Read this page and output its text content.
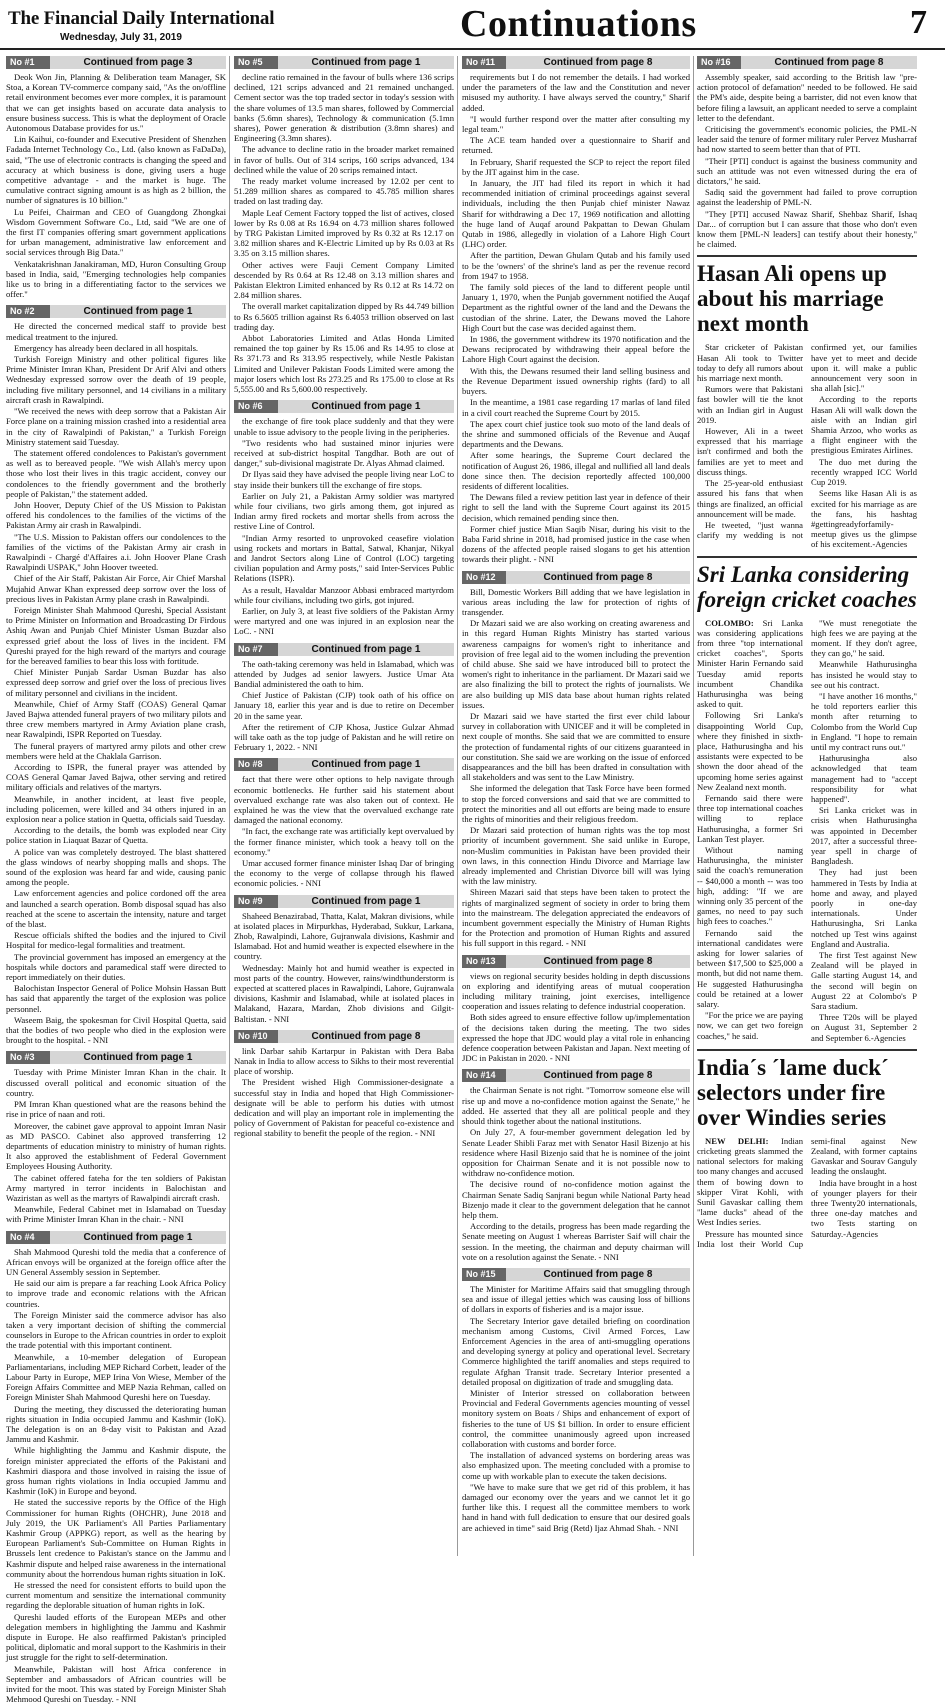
The Financial Daily International
Wednesday, July 31, 2019	Continuations	7
No #1	Continued from page 3

Deok Won Jin, Planning & Deliberation team Manager, SK Stoa, a Korean TV-commerce company said, "As the on/offline retail environment becomes ever more complex, it is paramount that we can get insights based on accurate data analysis to ensure business success. This is what the deployment of Oracle Autonomous Database provides for us."

Lin Kaihui, co-founder and Executive President of Shenzhen Fadada Internet Technology Co., Ltd. (also known as FaDaDa), said, "The use of electronic contracts is changing the speed and accuracy at which business is done, giving users a huge competitive advantage - and the market is huge. The cumulative contract signing amount is as high as 2 billion, the number of signatures is 10 billion."

Lu Peifei, Chairman and CEO of Guangdong Zhongkai Wisdom Government Software Co., Ltd, said "We are one of the first IT companies offering smart government applications for urban management, administrative law enforcement and social services through Big Data."

Venkatakrishnan Janakiraman, MD, Huron Consulting Group based in India, said, "Emerging technologies help companies like us to bring in a differentiating factor to the services we offer."

No #2	Continued from page 1

He directed the concerned medical staff to provide best medical treatment to the injured.

Emergency has already been declared in all hospitals.

Turkish Foreign Ministry and other political figures like Prime Minister Imran Khan, President Dr Arif Alvi and others Wednesday expressed sorrow over the death of 19 people, including five military personnel, and 14 civilians in a military aircraft crash in Rawalpindi.

"We received the news with deep sorrow that a Pakistan Air Force plane on a training mission crashed into a residential area in the city of Rawalpindi of Pakistan," a Turkish Foreign Ministry statement said Tuesday.

The statement offered condolences to Pakistan's government as well as to bereaved people. "We wish Allah's mercy upon those who lost their lives in this tragic accident, convey our condolences to the friendly government and the brotherly people of Pakistan," the statement added.

John Hoover, Deputy Chief of the US Mission to Pakistan offered his condolences to the families of the victims of the Pakistan Army air crash in Rawalpindi.

"The U.S. Mission to Pakistan offers our condolences to the families of the victims of the Pakistan Army air crash in Rawalpindi - Chargé d'Affaires a.i. John Hoover Plane Crash Rawalpindi USPAK," John Hoover tweeted.

Chief of the Air Staff, Pakistan Air Force, Air Chief Marshal Mujahid Anwar Khan expressed deep sorrow over the loss of precious lives in Pakistan Army plane crash in Rawalpindi.

Foreign Minister Shah Mahmood Qureshi, Special Assistant to Prime Minister on Information and Broadcasting Dr Firdous Ashiq Awan and Punjab Chief Minister Usman Buzdar also expressed grief about the loss of lives in the incident. FM Qureshi prayed for the high reward of the martyrs and courage for the bereaved families to bear this loss with fortitude.

Chief Minister Punjab Sardar Usman Buzdar has also expressed deep sorrow and grief over the loss of precious lives of military personnel and civilians in the incident.

Meanwhile, Chief of Army Staff (COAS) General Qamar Javed Bajwa attended funeral prayers of two military pilots and three crew members martyred in Army Aviation plane crash, near Rawalpindi, ISPR Reported on Tuesday.

The funeral prayers of martyred army pilots and other crew members were held at the Chaklala Garrison.

According to ISPR, the funeral prayer was attended by COAS General Qamar Javed Bajwa, other serving and retired military officials and relatives of the martyrs.

Meanwhile, in another incident, at least five people, including policemen, were killed and 34 others injured in an explosion near a police station in Quetta, officials said Tuesday.

According to the details, the bomb was exploded near City police station in Liaquat Bazar of Quetta.

A police van was completely destroyed. The blast shattered the glass windows of nearby shopping malls and shops. The sound of the explosion was heard far and wide, causing panic among the people.

Law enforcement agencies and police cordoned off the area and launched a search operation. Bomb disposal squad has also reached at the scene to ascertain the intensity, nature and target of the blast.

Rescue officials shifted the bodies and the injured to Civil Hospital for medico-legal formalities and treatment.

The provincial government has imposed an emergency at the hospitals while doctors and paramedical staff were directed to report immediately on their duties.

Balochistan Inspector General of Police Mohsin Hassan Butt has said that apparently the target of the explosion was police personnel.

Waseem Baig, the spokesman for Civil Hospital Quetta, said that the bodies of two people who died in the explosion were brought to the hospital. - NNI

No #3	Continued from page 1

Tuesday with Prime Minister Imran Khan in the chair. It discussed overall political and economic situation of the country.

PM Imran Khan questioned what are the reasons behind the rise in price of naan and roti.

Moreover, the cabinet gave approval to appoint Imran Nasir as MD PASCO. Cabinet also approved transferring 12 departments of education ministry to ministry of human rights. It also approved the establishment of Federal Government Employees Housing Authority.

The cabinet offered fateha for the ten soldiers of Pakistan Army martyred in terror incidents in Balochistan and Waziristan as well as the martyrs of Rawalpindi aircraft crash.

Meanwhile, Federal Cabinet met in Islamabad on Tuesday with Prime Minister Imran Khan in the chair. - NNI

No #4	Continued from page 1

Shah Mahmood Qureshi told the media that a conference of African envoys will be organized at the foreign office after the UN General Assembly session in September.

He said our aim is prepare a far reaching Look Africa Policy to improve trade and economic relations with the African countries.

The Foreign Minister said the commerce advisor has also taken a very important decision of shifting the commercial counselors in Europe to the African countries in order to exploit the trade potential with this important continent.

Meanwhile, a 10-member delegation of European Parliamentarians, including MEP Richard Corbett, leader of the Labour Party in Europe, MEP Irina Von Wiese, Member of the Foreign Affairs Committee and MEP Nazia Rehman, called on Foreign Minister Shah Mahmood Qureshi here on Tuesday.

During the meeting, they discussed the deteriorating human rights situation in India occupied Jammu and Kashmir (IoK). The delegation is on an 8-day visit to Pakistan and Azad Jammu and Kashmir.

While highlighting the Jammu and Kashmir dispute, the foreign minister appreciated the efforts of the Pakistani and Kashmiri diaspora and those involved in raising the issue of gross human rights violations in India occupied Jammu and Kashmir (IoK) in Europe and beyond.

He stated the successive reports by the Office of the High Commissioner for human Rights (OHCHR), June 2018 and July 2019, the UK Parliament's All Parties Parliamentary Kashmir Group (APPKG) report, as well as the hearing by European Parliament's Sub-Committee on Human Rights in Brussels lent credence to Pakistan's stance on the Jammu and Kashmir dispute and helped raise awareness in the international community about the horrendous human rights situation in IoK.

He stressed the need for consistent efforts to build upon the current momentum and sensitize the international community regarding the deplorable situation of human rights in IoK.

Qureshi lauded efforts of the European MEPs and other delegation members in highlighting the Jammu and Kashmir dispute in Europe. He also reaffirmed Pakistan's principled political, diplomatic and moral support to the Kashmiris in their just struggle for the right to self-determination.

Meanwhile, Pakistan will host Africa conference in September and ambassadors of African countries will be invited for the moot. This was stated by Foreign Minister Shah Mehmood Qureshi on Tuesday. - NNI

No #5	Continued from page 1

decline ratio remained in the favour of bulls where 136 scrips declined, 121 scrips advanced and 21 remained unchanged. Cement sector was the top traded sector in today's session with the share volumes of 13.5 man shares, followed by Commercial banks (5.6mn shares), Technology & communication (5.1mn shares), Power generation & distribution (3.8mn shares) and Engineering (3.3mn shares).

The advance to decline ratio in the broader market remained in favor of bulls. Out of 314 scrips, 160 scrips advanced, 134 declined while the value of 20 scrips remained intact.

The ready market volume increased by 12.02 per cent to 51.289 million shares as compared to 45.785 million shares traded on last trading day.

Maple Leaf Cement Factory topped the list of actives, closed lower by Rs 0.08 at Rs 16.94 on 4.73 million shares followed by TRG Pakistan Limited improved by Rs 0.32 at Rs 12.17 on 3.82 million shares and K-Electric Limited up by Rs 0.03 at Rs 3.35 on 3.15 million shares.

Other actives were Fauji Cement Company Limited descended by Rs 0.64 at Rs 12.48 on 3.13 million shares and Pakistan Elektron Limited enhanced by Rs 0.12 at Rs 14.72 on 2.84 million shares.

The overall market capitalization dipped by Rs 44.749 billion to Rs 6.5605 trillion against Rs 6.4053 trillion observed on last trading day.

Abbot Laboratories Limited and Atlas Honda Limited remained the top gainer by Rs 15.06 and Rs 14.95 to close at Rs 371.73 and Rs 313.95 respectively, while Nestle Pakistan Limited and Unilever Pakistan Foods Limited were among the major losers which lost Rs 273.25 and Rs 175.00 to close at Rs 5,555.00 and Rs 5,600.00 respectively.

No #6	Continued from page 1

the exchange of fire took place suddenly and that they were unable to issue advisory to the people living in the peripheries.

"Two residents who had sustained minor injuries were received at sub-district hospital Tangdhar. Both are out of danger," sub-divisional magistrate Dr. Alyas Ahmad claimed.

Dr Ilyas said they have advised the people living near LoC to stay inside their bunkers till the exchange of fire stops.

Earlier on July 21, a Pakistan Army soldier was martyred while four civilians, two girls among them, got injured as Indian army fired rockets and mortar shells from across the restive Line of Control.

"Indian Army resorted to unprovoked ceasefire violation using rockets and mortars in Battal, Satwal, Khanjar, Nikyal and Jandrot Sectors along Line of Control (LOC) targeting civilian population and Army posts," said Inter-Services Public Relations (ISPR).

As a result, Havaldar Manzoor Abbasi embraced martyrdom while four civilians, including two girls, got injured.

Earlier, on July 3, at least five soldiers of the Pakistan Army were martyred and one was injured in an explosion near the LoC. - NNI

No #7	Continued from page 1

The oath-taking ceremony was held in Islamabad, which was attended by Judges ad senior lawyers. Justice Umar Ata Bandial administered the oath to him.

Chief Justice of Pakistan (CJP) took oath of his office on January 18, earlier this year and is due to retire on December 20 in the same year.

After the retirement of CJP Khosa, Justice Gulzar Ahmad will take oath as the top judge of Pakistan and he will retire on February 1, 2022. - NNI

No #8	Continued from page 1

fact that there were other options to help navigate through economic bottlenecks. He further said his statement about overvalued exchange rate was also taken out of context. He explained he was the view that the overvalued exchange rate damaged the national economy.

"In fact, the exchange rate was artificially kept overvalued by the former finance minister, which took a heavy toll on the economy."

Umar accused former finance minister Ishaq Dar of bringing the economy to the verge of collapse through his flawed economic policies. - NNI

No #9	Continued from page 1

Shaheed Benazirabad, Thatta, Kalat, Makran divisions, while at isolated places in Mirpurkhas, Hyderabad, Sukkur, Larkana, Zhob, Rawalpindi, Lahore, Gujranwala divisions, Kashmir and Islamabad. Hot and humid weather is expected elsewhere in the country.

Wednesday: Mainly hot and humid weather is expected in most parts of the country. However, rains/windthunderstorm is expected at scattered places in Rawalpindi, Lahore, Gujranwala divisions, Kashmir and Islamabad, while at isolated places in Malakand, Hazara, Mardan, Zhob divisions and Gilgit-Baltistan. - NNI

No #10	Continued from page 8

link Darbar sahib Kartarpur in Pakistan with Dera Baba Nanak in India to allow access to Sikhs to their most reverential place of worship.

The President wished High Commissioner-designate a successful stay in India and hoped that High Commissioner-designate will be able to perform his duties with utmost dedication and will play an important role in implementing the policy of Government of Pakistan for peaceful co-existence and regional stability to benefit the people of the region. - NNI

No #11	Continued from page 8

requirements but I do not remember the details. I had worked under the parameters of the law and the Constitution and never misused my authority. I have always served the country," Sharif added.

"I would further respond over the matter after consulting my legal team."

The ACE team handed over a questionnaire to Sharif and returned.

In February, Sharif requested the SCP to reject the report filed by the JIT against him in the case.

In January, the JIT had filed its report in which it had recommended initiation of criminal proceedings against several individuals, including the then Punjab chief minister Nawaz Sharif for withdrawing a Dec 17, 1969 notification and allotting the huge land of Auqaf around Pakpattan to Dewan Ghulam Qutab in 1986, allegedly in violation of a Lahore High Court (LHC) order.

After the partition, Dewan Ghulam Qutab and his family used to be the 'owners' of the shrine's land as per the revenue record from 1947 to 1958.

The family sold pieces of the land to different people until January 1, 1970, when the Punjab government notified the Auqaf Department as the rightful owner of the land and the Dewans the custodian of the shrine. Later, the Dewans moved the Lahore High Court but the case was decided against them.

In 1986, the government withdrew its 1970 notification and the Dewans reciprocated by withdrawing their appeal before the Lahore High Court against the decision.

With this, the Dewans resumed their land selling business and the Revenue Department issued ownership rights (fard) to all buyers.

In the meantime, a 1981 case regarding 17 marlas of land filed in a civil court reached the Supreme Court by 2015.

The apex court chief justice took suo moto of the land deals of the shrine and summoned officials of the Revenue and Auqaf departments and the Dewans.

After some hearings, the Supreme Court declared the notification of August 26, 1986, illegal and nullified all land deals done since then. The decision reportedly affected 100,000 residents of different localities.

The Dewans filed a review petition last year in defence of their right to sell the land with the Supreme Court against its 2015 decision, which remained pending since then.

Former chief justice Mian Saqib Nisar, during his visit to the Baba Farid shrine in 2018, had promised justice in the case when dozens of the affected people raised slogans to get his attention towards their plight. - NNI

No #12	Continued from page 8

Bill, Domestic Workers Bill adding that we have legislation in various areas including the law for protection of rights of transgender.

Dr Mazari said we are also working on creating awareness and in this regard Human Rights Ministry has started various awareness campaigns for women's right to inheritance and provision of free legal aid to the women including the prevention of child abuse. She said we have introduced bill to protect the women's right to inheritance in the parliament. Dr Mazari said we are also finalizing the bill to protect the rights of journalists. We are also building up MIS data base about human rights related issues.

Dr Mazari said we have started the first ever child labour survey in collaboration with UNICEF and it will be completed in next couple of months. She said that we are committed to ensure the protection of fundamental rights of our citizens guaranteed in our constitution. She said we are working on the issue of enforced disappearances and the bill has been drafted in consultation with all stakeholders and was sent to the Law Ministry.

She informed the delegation that Task Force have been formed to stop the forced conversions and said that we are committed to protect the minorities and all out efforts are being made to ensure the rights of minorities and their religious freedom.

Dr Mazari said protection of human rights was the top most priority of incumbent government. She said unlike in Europe, non-Muslim communities in Pakistan have been provided their own laws, in this connection Hindu Divorce and Marriage law already implemented and Christian Divorce bill will was lying with the law ministry.

Shireen Mazari said that steps have been taken to protect the rights of marginalized segment of society in order to bring them into the mainstream. The delegation appreciated the endeavors of incumbent government especially the Ministry of Human Rights for the Protection and promotion of Human Rights and assured his full support in this regard. - NNI

No #13	Continued from page 8

views on regional security besides holding in depth discussions on exploring and identifying areas of mutual cooperation including military training, joint exercises, intelligence cooperation and issues relating to defence industrial cooperation.

Both sides agreed to ensure effective follow up/implementation of the decisions taken during the meeting. The two sides expressed the hope that JDC would play a vital role in enhancing defence cooperation between Pakistan and Japan. Next meeting of JDC in Pakistan in 2020. - NNI

No #14	Continued from page 8

the Chairman Senate is not right. "Tomorrow someone else will rise up and move a no-confidence motion against the Senate," he added. He asserted that they all are political people and they should think together about the national institutions.

On July 27, A four-member government delegation led by Senate Leader Shibli Faraz met with Senator Hasil Bizenjo at his residence where Hasil Bizenjo said that he is nominee of the joint opposition for Chairman Senate and it is not possible now to withdraw no-confidence motion.

The decisive round of no-confidence motion against the Chairman Senate Sadiq Sanjrani begun while National Party head Bizenjo made it clear to the government delegation that he cannot help them.

According to the details, progress has been made regarding the Senate meeting on August 1 whereas Barrister Saif will chair the session. In the meeting, the chairman and deputy chairman will vote on a resolution against the Senate. - NNI

No #15	Continued from page 8

The Minister for Maritime Affairs said that smuggling through sea and issue of illegal jetties which was causing loss of billions of dollars in exports of fisheries and is a major issue.

The Secretary Interior gave detailed briefing on coordination mechanism among Customs, Civil Armed Forces, Law Enforcement Agencies in the area of anti-smuggling operations and developing synergy at policy and operational level. Secretary Commerce highlighted the tariff anomalies and steps required to regulate Afghan Transit trade. Secretary Interior presented a detailed proposal on digitization of trade and smuggling data.

Minister of Interior stressed on collaboration between Provincial and Federal Governments agencies mounting of vessel monitory system on Boats / Ships and enhancement of export of fisheries to the tune of US $1 billion. In order to ensure efficient control, the committee unanimously agreed upon increased collaboration with customs and border force.

The installation of advanced systems on bordering areas was also emphasized upon. The meeting concluded with a promise to come up with workable plan to execute the taken decisions.

"We have to make sure that we get rid of this problem, it has damaged our economy over the years and we cannot let it go further like this. I request all the committee members to work hand in hand with full dedication to ensure that our desired goals are achieved in time" said Brig (Retd) Ijaz Ahmad Shah. - NNI

No #16	Continued from page 8

Assembly speaker, said according to the British law "pre-action protocol of defamation" needed to be followed. He said the PM's aide, despite being a barrister, did not even know that before filing a lawsuit, an applicant needed to serve a complaint letter to the defendant.

Criticising the government's economic policies, the PML-N leader said the tenure of former military ruler Pervez Musharraf had now started to seem better than that of PTI.

"Their [PTI] conduct is against the business community and such an attitude was not even witnessed during the era of dictators," he said.

Sadiq said the government had failed to prove corruption against the leadership of PML-N.

"They [PTI] accused Nawaz Sharif, Shehbaz Sharif, Ishaq Dar... of corruption but I can assure that those who don't even know them [PML-N leaders] can testify about their honesty," he claimed.

Hasan Ali opens up about his marriage next month

Star cricketer of Pakistan Hasan Ali took to Twitter today to defy all rumors about his marriage next month.

Rumors were that Pakistani fast bowler will tie the knot with an Indian girl in August 2019.

However, Ali in a tweet expressed that his marriage isn't confirmed and both the families are yet to meet and discuss things.

The 25-year-old enthusiast assured his fans that when things are finalized, an official announcement will be made.

He tweeted, "just wanna clarify my wedding is not confirmed yet, our families have yet to meet and decide upon it. will make a public announcement very soon in sha allah [sic]."

According to the reports Hasan Ali will walk down the aisle with an Indian girl Shamia Arzoo, who works as a flight engineer with the prestigious Emirates Airlines.

The duo met during the recently wrapped ICC World Cup 2019.

Seems like Hasan Ali is as excited for his marriage as are the fans, his hashtag #gettingreadyforfamily-meetup gives us the glimpse of his excitement.-Agencies

Sri Lanka considering foreign cricket coaches

COLOMBO: Sri Lanka was considering applications from three "top international cricket coaches", Sports Minister Harin Fernando said Tuesday amid reports incumbent Chandika Hathurusingha was being asked to quit.

Following Sri Lanka's disappointing World Cup, where they finished in sixth-place, Hathurusingha and his assistants were expected to be shown the door ahead of the upcoming home series against New Zealand next month.

Fernando said there were three top international coaches willing to replace Hathurusingha, a former Sri Lankan Test player.

Without naming Hathurusingha, the minister said the coach's remuneration -- $40,000 a month -- was too high, adding: "If we are winning only 35 percent of the games, no need to pay such high fees to coaches."

Fernando said the international candidates were asking for lower salaries of between $17,500 to $25,000 a month, but did not name them. He suggested Hathurusingha could be retained at a lower salary.

"For the price we are paying now, we can get two foreign coaches," he said.

"We must renegotiate the high fees we are paying at the moment. If they don't agree, they can go," he said.

Meanwhile Hathurusingha has insisted he would stay to see out his contract.

"I have another 16 months," he told reporters earlier this month after returning to Colombo from the World Cup in England. "I hope to remain until my contract runs out."

Hathurusingha also acknowledged that team management had to "accept responsibility for what happened".

Sri Lanka cricket was in crisis when Hathurusingha was appointed in December 2017, after a successful three-year spell in charge of Bangladesh.

They had just been hammered in Tests by India at home and away, and played poorly in one-day internationals. Under Hathurusingha, Sri Lanka notched up Test wins against England and Australia.

The first Test against New Zealand will be played in Galle starting August 14, and the second will begin on August 22 at Colombo's P Sara stadium.

Three T20s will be played on August 31, September 2 and September 6.-Agencies

India´s ´lame duck´ selectors under fire over Windies series

NEW DELHI: Indian cricketing greats slammed the national selectors for making too many changes and accused them of bowing down to skipper Virat Kohli, with Sunil Gavaskar calling them "lame ducks" ahead of the West Indies series.

Pressure has mounted since India lost their World Cup semi-final against New Zealand, with former captains Gavaskar and Sourav Ganguly leading the onslaught.

India have brought in a host of younger players for their three Twenty20 internationals, three one-day matches and two Tests starting on Saturday.-Agencies
